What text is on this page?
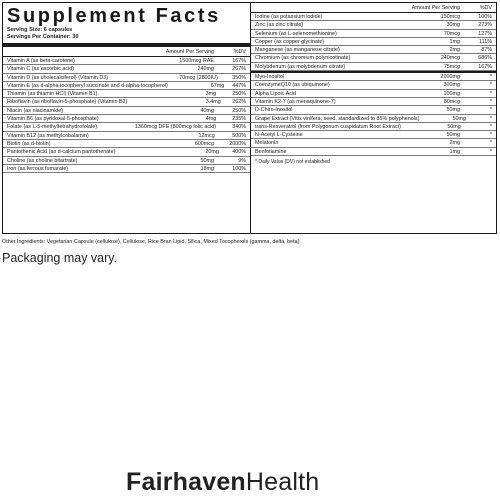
Supplement Facts
Serving Size: 6 capsules
Servings Per Container: 30
Amount Per Serving	%DV
Vitamin A (as beta-carotene)	1500mcg RAE	167%
Vitamin C (as ascorbic acid)	240mg	267%
Vitamin D (as cholecalciferol) (Vitamin D3)	70mcg (2800IU)	350%
Vitamin E (as d-alpha tocopheryl succinate and d-alpha-tocopherol)	67mg	447%
Thiamin (as thiamin HCl) (Vitamin B1)	3mg	250%
Riboflavin (as riboflavin-5-phosphate) (Vitamin B2)	3.4mg	262%
Niacin (as niacinamide)	40mg	250%
Vitamin B6 (as pyridoxal-5-phosphate)	4mg	235%
Folate (as L-5-methyltetrahydrofolate)	1360mcg DFE (800mcg folic acid)	340%
Vitamin B12 (as methylcobalamin)	12mcg	500%
Biotin (as d-biotin)	600mcg	2000%
Pantothenic Acid (as d-calcium pantothenate)	20mg	400%
Choline (as choline bitartrate)	50mg	9%
Iron (as ferrous fumarate)	18mg	100%
Amount Per Serving	%DV
Iodine (as potassium iodide)	150mcg	100%
Zinc (as zinc citrate)	30mg	273%
Selenium (as L-selenomethionine)	70mcg	127%
Copper (as copper glycinate)	1mg	111%
Manganese (as manganese citrate)	2mg	87%
Chromium (as chromium polynicotinate)	240mcg	686%
Molybdenum (as molybdenum citrate)	75mcg	167%
Myo-Inositol	2000mg	*
CoenzymeQ10 (as ubiquinone)	300mg	*
Alpha Lipoic Acid	100mg	*
Vitamin K2-7 (as menaquinone-7)	80mcg	*
D-Chiro-Inositol	50mg	*
Grape Extract (Vitis vinifera, seed, standardized to 85% polyphenols)	50mg	*
trans-Resveratrol (from Polygonum cuspidatum Root Extract)	50mg	*
N-Acetyl L-Cysteine	50mg	*
Melatonin	2mg	*
Benfotiamine	1mg	*
* Daily Value (DV) not established
Other Ingredients: Vegetarian Capsule (cellulose), Cellulose, Rice Bran Lipid, Silica, Mixed Tocopherols (gamma, delta, beta).
Packaging may vary.
FairhavenHealth
